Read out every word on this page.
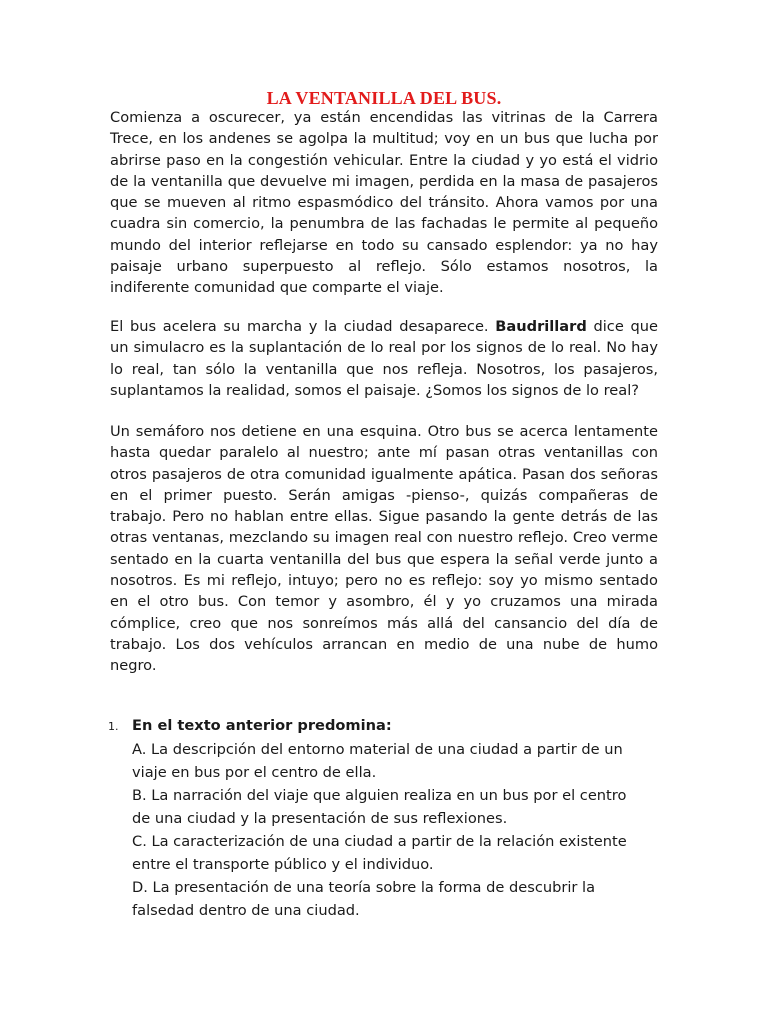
LA VENTANILLA DEL BUS.
Comienza a oscurecer, ya están encendidas las vitrinas de la Carrera Trece, en los andenes se agolpa la multitud; voy en un bus que lucha por abrirse paso en la congestión vehicular. Entre la ciudad y yo está el vidrio de la ventanilla que devuelve mi imagen, perdida en la masa de pasajeros que se mueven al ritmo espasmódico del tránsito. Ahora vamos por una cuadra sin comercio, la penumbra de las fachadas le permite al pequeño mundo del interior reflejarse en todo su cansado esplendor: ya no hay paisaje urbano superpuesto al reflejo. Sólo estamos nosotros, la indiferente comunidad que comparte el viaje.
El bus acelera su marcha y la ciudad desaparece. Baudrillard dice que un simulacro es la suplantación de lo real por los signos de lo real. No hay lo real, tan sólo la ventanilla que nos refleja. Nosotros, los pasajeros, suplantamos la realidad, somos el paisaje. ¿Somos los signos de lo real?
Un semáforo nos detiene en una esquina. Otro bus se acerca lentamente hasta quedar paralelo al nuestro; ante mí pasan otras ventanillas con otros pasajeros de otra comunidad igualmente apática. Pasan dos señoras en el primer puesto. Serán amigas -pienso-, quizás compañeras de trabajo. Pero no hablan entre ellas. Sigue pasando la gente detrás de las otras ventanas, mezclando su imagen real con nuestro reflejo. Creo verme sentado en la cuarta ventanilla del bus que espera la señal verde junto a nosotros. Es mi reflejo, intuyo; pero no es reflejo: soy yo mismo sentado en el otro bus. Con temor y asombro, él y yo cruzamos una mirada cómplice, creo que nos sonreímos más allá del cansancio del día de trabajo. Los dos vehículos arrancan en medio de una nube de humo negro.
1. En el texto anterior predomina:
A. La descripción del entorno material de una ciudad a partir de un viaje en bus por el centro de ella.
B. La narración del viaje que alguien realiza en un bus por el centro de una ciudad y la presentación de sus reflexiones.
C. La caracterización de una ciudad a partir de la relación existente entre el transporte público y el individuo.
D. La presentación de una teoría sobre la forma de descubrir la falsedad dentro de una ciudad.
